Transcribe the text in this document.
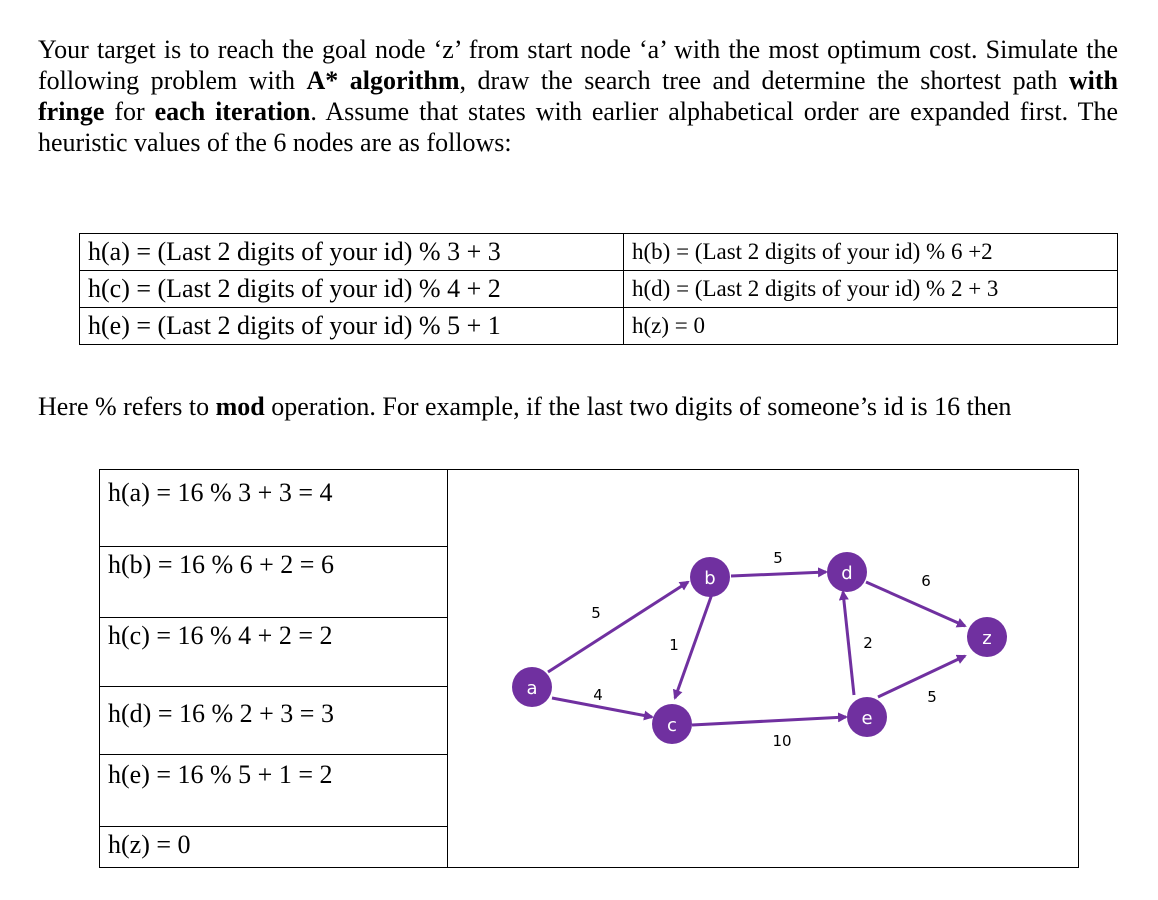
Your target is to reach the goal node ‘z’ from start node ‘a’ with the most optimum cost. Simulate the following problem with A* algorithm, draw the search tree and determine the shortest path with fringe for each iteration. Assume that states with earlier alphabetical order are expanded first. The heuristic values of the 6 nodes are as follows:

h(a) = (Last 2 digits of your id) % 3 + 3	h(b) = (Last 2 digits of your id) % 6 +2
h(c) = (Last 2 digits of your id) % 4 + 2	h(d) = (Last 2 digits of your id) % 2 + 3
h(e) = (Last 2 digits of your id) % 5 + 1	h(z) = 0

Here % refers to mod operation. For example, if the last two digits of someone’s id is 16 then

h(a) = 16 % 3 + 3 = 4
h(b) = 16 % 6 + 2 = 6
h(c) = 16 % 4 + 2 = 2
h(d) = 16 % 2 + 3 = 3
h(e) = 16 % 5 + 1 = 2
h(z) = 0
5
4
1
5
10
2
6
5
a
b
c
d
e
z
